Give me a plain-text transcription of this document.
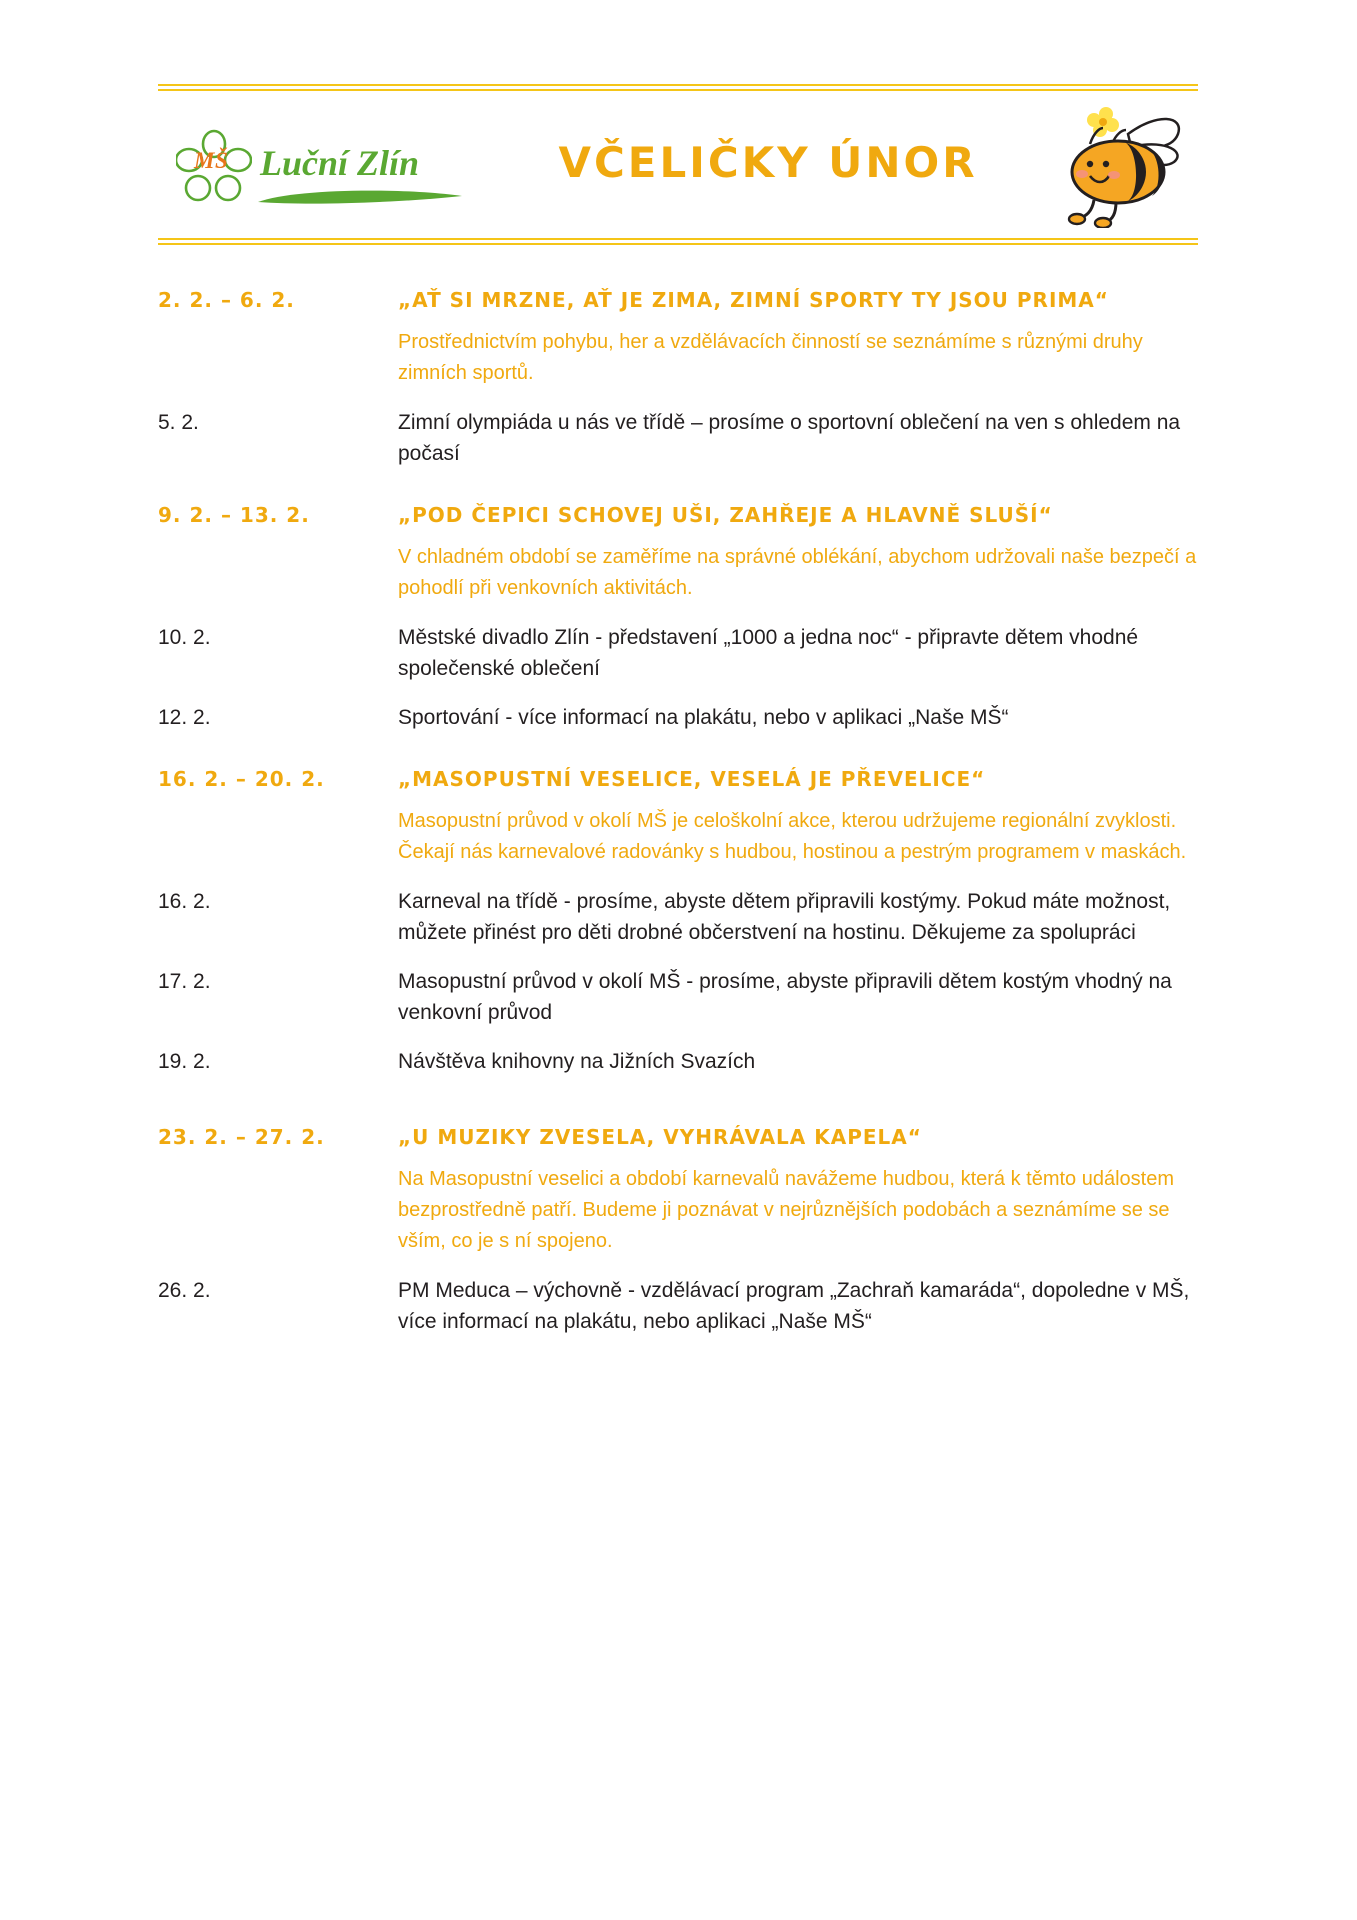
MŠ Luční Zlín	VČELIČKY ÚNOR
2. 2. – 6. 2.	„AŤ SI MRZNE, AŤ JE ZIMA, ZIMNÍ SPORTY TY JSOU PRIMA“
Prostřednictvím pohybu, her a vzdělávacích činností se seznámíme s různými druhy zimních sportů.
5. 2.	Zimní olympiáda u nás ve třídě – prosíme o sportovní oblečení na ven s ohledem na počasí
9. 2. – 13. 2.	„POD ČEPICI SCHOVEJ UŠI, ZAHŘEJE A HLAVNĚ SLUŠÍ“
V chladném období se zaměříme na správné oblékání, abychom udržovali naše bezpečí a pohodlí při venkovních aktivitách.
10. 2.	Městské divadlo Zlín - představení „1000 a jedna noc“ - připravte dětem vhodné společenské oblečení
12. 2.	Sportování - více informací na plakátu, nebo v aplikaci „Naše MŠ“
16. 2. – 20. 2.	„MASOPUSTNÍ VESELICE, VESELÁ JE PŘEVELICE“
Masopustní průvod v okolí MŠ je celoškolní akce, kterou udržujeme regionální zvyklosti. Čekají nás karnevalové radovánky s hudbou, hostinou a pestrým programem v maskách.
16. 2.	Karneval na třídě - prosíme, abyste dětem připravili kostýmy. Pokud máte možnost, můžete přinést pro děti drobné občerstvení na hostinu. Děkujeme za spolupráci
17. 2.	Masopustní průvod v okolí MŠ - prosíme, abyste připravili dětem kostým vhodný na venkovní průvod
19. 2.	Návštěva knihovny na Jižních Svazích
23. 2. – 27. 2.	„U MUZIKY ZVESELA, VYHRÁVALA KAPELA“
Na Masopustní veselici a období karnevalů navážeme hudbou, která k těmto událostem bezprostředně patří. Budeme ji poznávat v nejrůznějších podobách a seznámíme se se vším, co je s ní spojeno.
26. 2.	PM Meduca – výchovně - vzdělávací program „Zachraň kamaráda“, dopoledne v MŠ, více informací na plakátu, nebo aplikaci „Naše MŠ“
